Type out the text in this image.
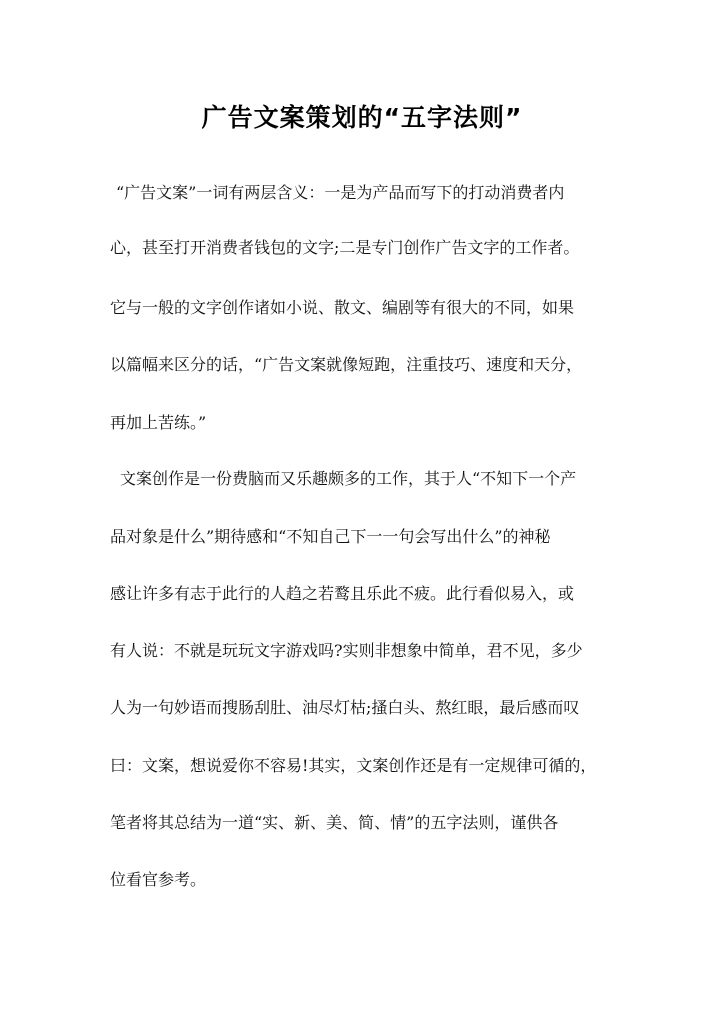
广告文案策划的“五字法则”
“广告文案”一词有两层含义：一是为产品而写下的打动消费者内
心，甚至打开消费者钱包的文字;二是专门创作广告文字的工作者。
它与一般的文字创作诸如小说、散文、编剧等有很大的不同，如果
以篇幅来区分的话，“广告文案就像短跑，注重技巧、速度和天分，
再加上苦练。”
文案创作是一份费脑而又乐趣颇多的工作，其于人“不知下一个产
品对象是什么”期待感和“不知自己下一一句会写出什么”的神秘
感让许多有志于此行的人趋之若鹜且乐此不疲。此行看似易入，或
有人说：不就是玩玩文字游戏吗?实则非想象中简单，君不见，多少
人为一句妙语而搜肠刮肚、油尽灯枯;搔白头、熬红眼，最后感而叹
曰：文案，想说爱你不容易!其实，文案创作还是有一定规律可循的，
笔者将其总结为一道“实、新、美、简、情”的五字法则，谨供各
位看官参考。
